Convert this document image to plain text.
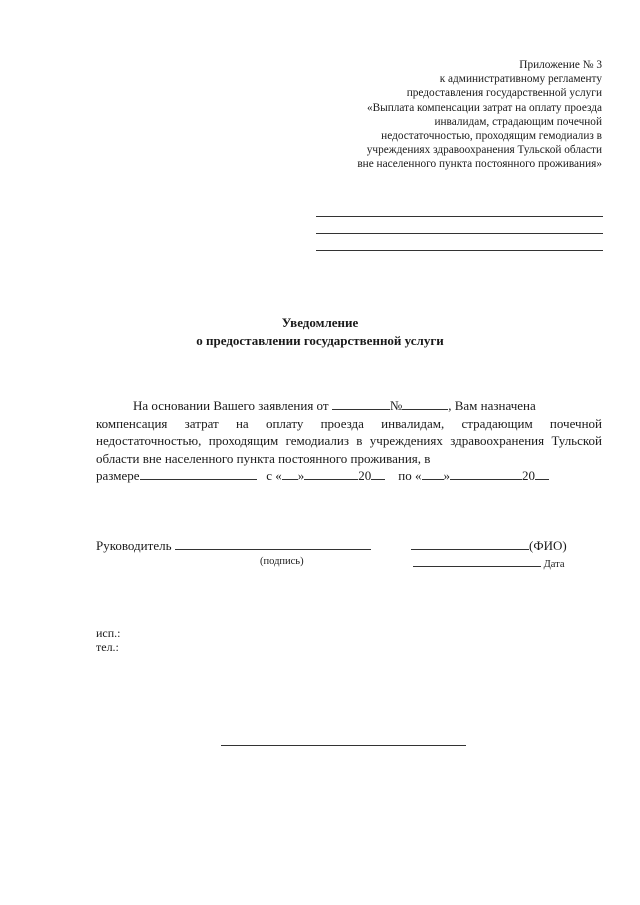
Приложение № 3
к административному регламенту
предоставления государственной услуги
«Выплата компенсации затрат на оплату проезда
инвалидам, страдающим почечной
недостаточностью, проходящим гемодиализ в
учреждениях здравоохранения Тульской области
вне населенного пункта постоянного проживания»
Уведомление
о предоставлении государственной услуги
На основании Вашего заявления от	№	, Вам назначена
компенсация затрат на оплату проезда инвалидам, страдающим почечной недостаточностью, проходящим гемодиализ в учреждениях здравоохранения Тульской области вне населенного пункта постоянного проживания, в
размере	с « »	20 по « »	20
Руководитель	(ФИО)
(подпись)	Дата
исп.:
тел.:
